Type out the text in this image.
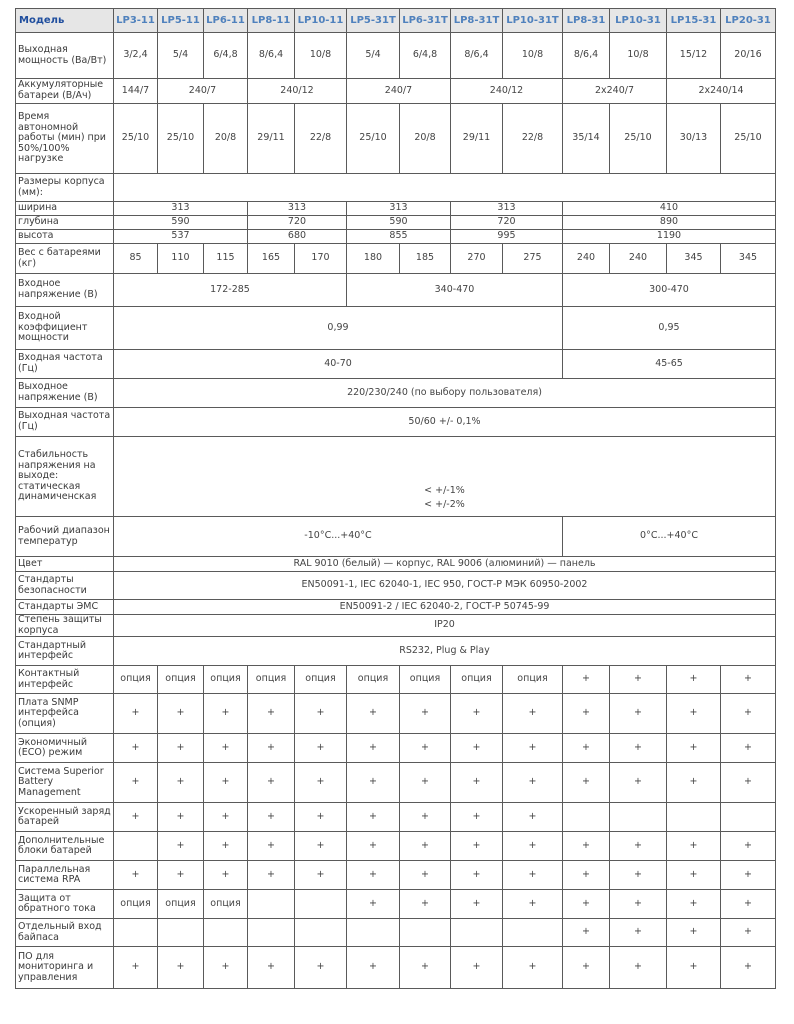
Модель	LP3-11	LP5-11	LP6-11	LP8-11	LP10-11	LP5-31T	LP6-31T	LP8-31T	LP10-31T	LP8-31	LP10-31	LP15-31	LP20-31
Выходная мощность (Ва/Вт)	3/2,4	5/4	6/4,8	8/6,4	10/8	5/4	6/4,8	8/6,4	10/8	8/6,4	10/8	15/12	20/16
Аккумуляторные батареи (В/Ач)	144/7	240/7		240/12		240/7		240/12		2x240/7		2x240/14	
Время автономной работы (мин) при 50%/100% нагрузке	25/10	25/10	20/8	29/11	22/8	25/10	20/8	29/11	22/8	35/14	25/10	30/13	25/10
Размеры корпуса (мм):													
ширина	313			313		313		313		410			
глубина	590			720		590		720		890			
высота	537			680		855		995		1190			
Вес с батареями (кг)	85	110	115	165	170	180	185	270	275	240	240	345	345
Входное напряжение (В)	172-285					340-470				300-470			
Входной коэффициент мощности	0,99									0,95			
Входная частота (Гц)	40-70									45-65			
Выходное напряжение (В)	220/230/240 (по выбору пользователя)												
Выходная частота (Гц)	50/60 +/- 0,1%												
Стабильность напряжения на выходе: статическая динамиченская	< +/-1%
< +/-2%												
Рабочий диапазон температур	-10°C...+40°C									0°C...+40°C			
Цвет	RAL 9010 (белый) — корпус, RAL 9006 (алюминий) — панель												
Стандарты безопасности	EN50091-1, IEC 62040-1, IEC 950, ГОСТ-Р МЭК 60950-2002												
Стандарты ЭМС	EN50091-2 / IEC 62040-2, ГОСТ-Р 50745-99												
Степень защиты корпуса	IP20												
Стандартный интерфейс	RS232, Plug & Play												
Контактный интерфейс	опция	опция	опция	опция	опция	опция	опция	опция	опция	+	+	+	+
Плата SNMP интерфейса (опция)	+	+	+	+	+	+	+	+	+	+	+	+	+
Экономичный (ECO) режим	+	+	+	+	+	+	+	+	+	+	+	+	+
Система Superior Battery Management	+	+	+	+	+	+	+	+	+	+	+	+	+
Ускоренный заряд батарей	+	+	+	+	+	+	+	+	+				
Дополнительные блоки батарей		+	+	+	+	+	+	+	+	+	+	+	+
Параллельная система RPA	+	+	+	+	+	+	+	+	+	+	+	+	+
Защита от обратного тока	опция	опция	опция			+	+	+	+	+	+	+	+
Отдельный вход байпаса										+	+	+	+
ПО для мониторинга и управления	+	+	+	+	+	+	+	+	+	+	+	+	+
